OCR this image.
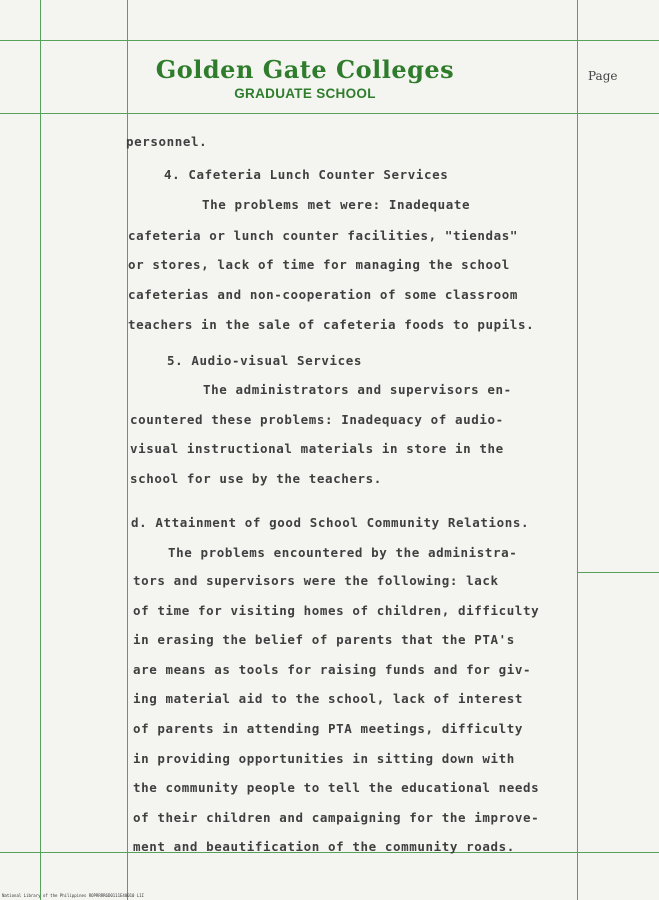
Golden Gate Colleges
GRADUATE SCHOOL
Page
personnel.
4. Cafeteria Lunch Counter Services
The problems met were: Inadequate
cafeteria or lunch counter facilities, "tiendas"
or stores, lack of time for managing the school
cafeterias and non-cooperation of some classroom
teachers in the sale of cafeteria foods to pupils.
5. Audio-visual Services
The administrators and supervisors en-
countered these problems: Inadequacy of audio-
visual instructional materials in store in the
school for use by the teachers.
d. Attainment of good School Community Relations.
The problems encountered by the administra-
tors and supervisors were the following: lack
of time for visiting homes of children, difficulty
in erasing the belief of parents that the PTA's
are means as tools for raising funds and for giv-
ing material aid to the school, lack of interest
of parents in attending PTA meetings, difficulty
in providing opportunities in sitting down with
the community people to tell the educational needs
of their children and campaigning for the improve-
ment and beautification of the community roads.
National Library of the Philippines ROPRRRR6D0111E40010 L1I
